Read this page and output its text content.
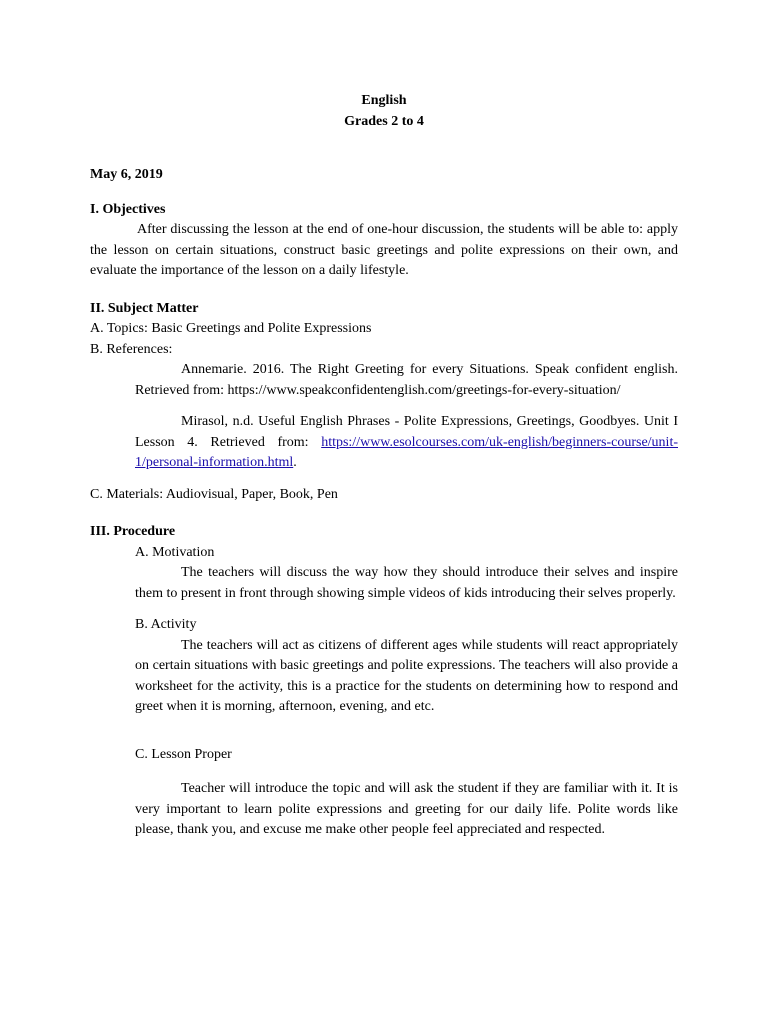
English
Grades 2 to 4
May 6, 2019
I. Objectives

After discussing the lesson at the end of one-hour discussion, the students will be able to: apply the lesson on certain situations, construct basic greetings and polite expressions on their own, and evaluate the importance of the lesson on a daily lifestyle.

II. Subject Matter
A. Topics: Basic Greetings and Polite Expressions
B. References:

Annemarie. 2016. The Right Greeting for every Situations. Speak confident english. Retrieved from: https://www.speakconfidentenglish.com/greetings-for-every-situation/

Mirasol, n.d. Useful English Phrases - Polite Expressions, Greetings, Goodbyes. Unit I Lesson 4. Retrieved from: https://www.esolcourses.com/uk-english/beginners-course/unit-1/personal-information.html.

C. Materials: Audiovisual, Paper, Book, Pen
III. Procedure
A. Motivation

The teachers will discuss the way how they should introduce their selves and inspire them to present in front through showing simple videos of kids introducing their selves properly.

B. Activity

The teachers will act as citizens of different ages while students will react appropriately on certain situations with basic greetings and polite expressions. The teachers will also provide a worksheet for the activity, this is a practice for the students on determining how to respond and greet when it is morning, afternoon, evening, and etc.

C. Lesson Proper

Teacher will introduce the topic and will ask the student if they are familiar with it. It is very important to learn polite expressions and greeting for our daily life. Polite words like please, thank you, and excuse me make other people feel appreciated and respected.
